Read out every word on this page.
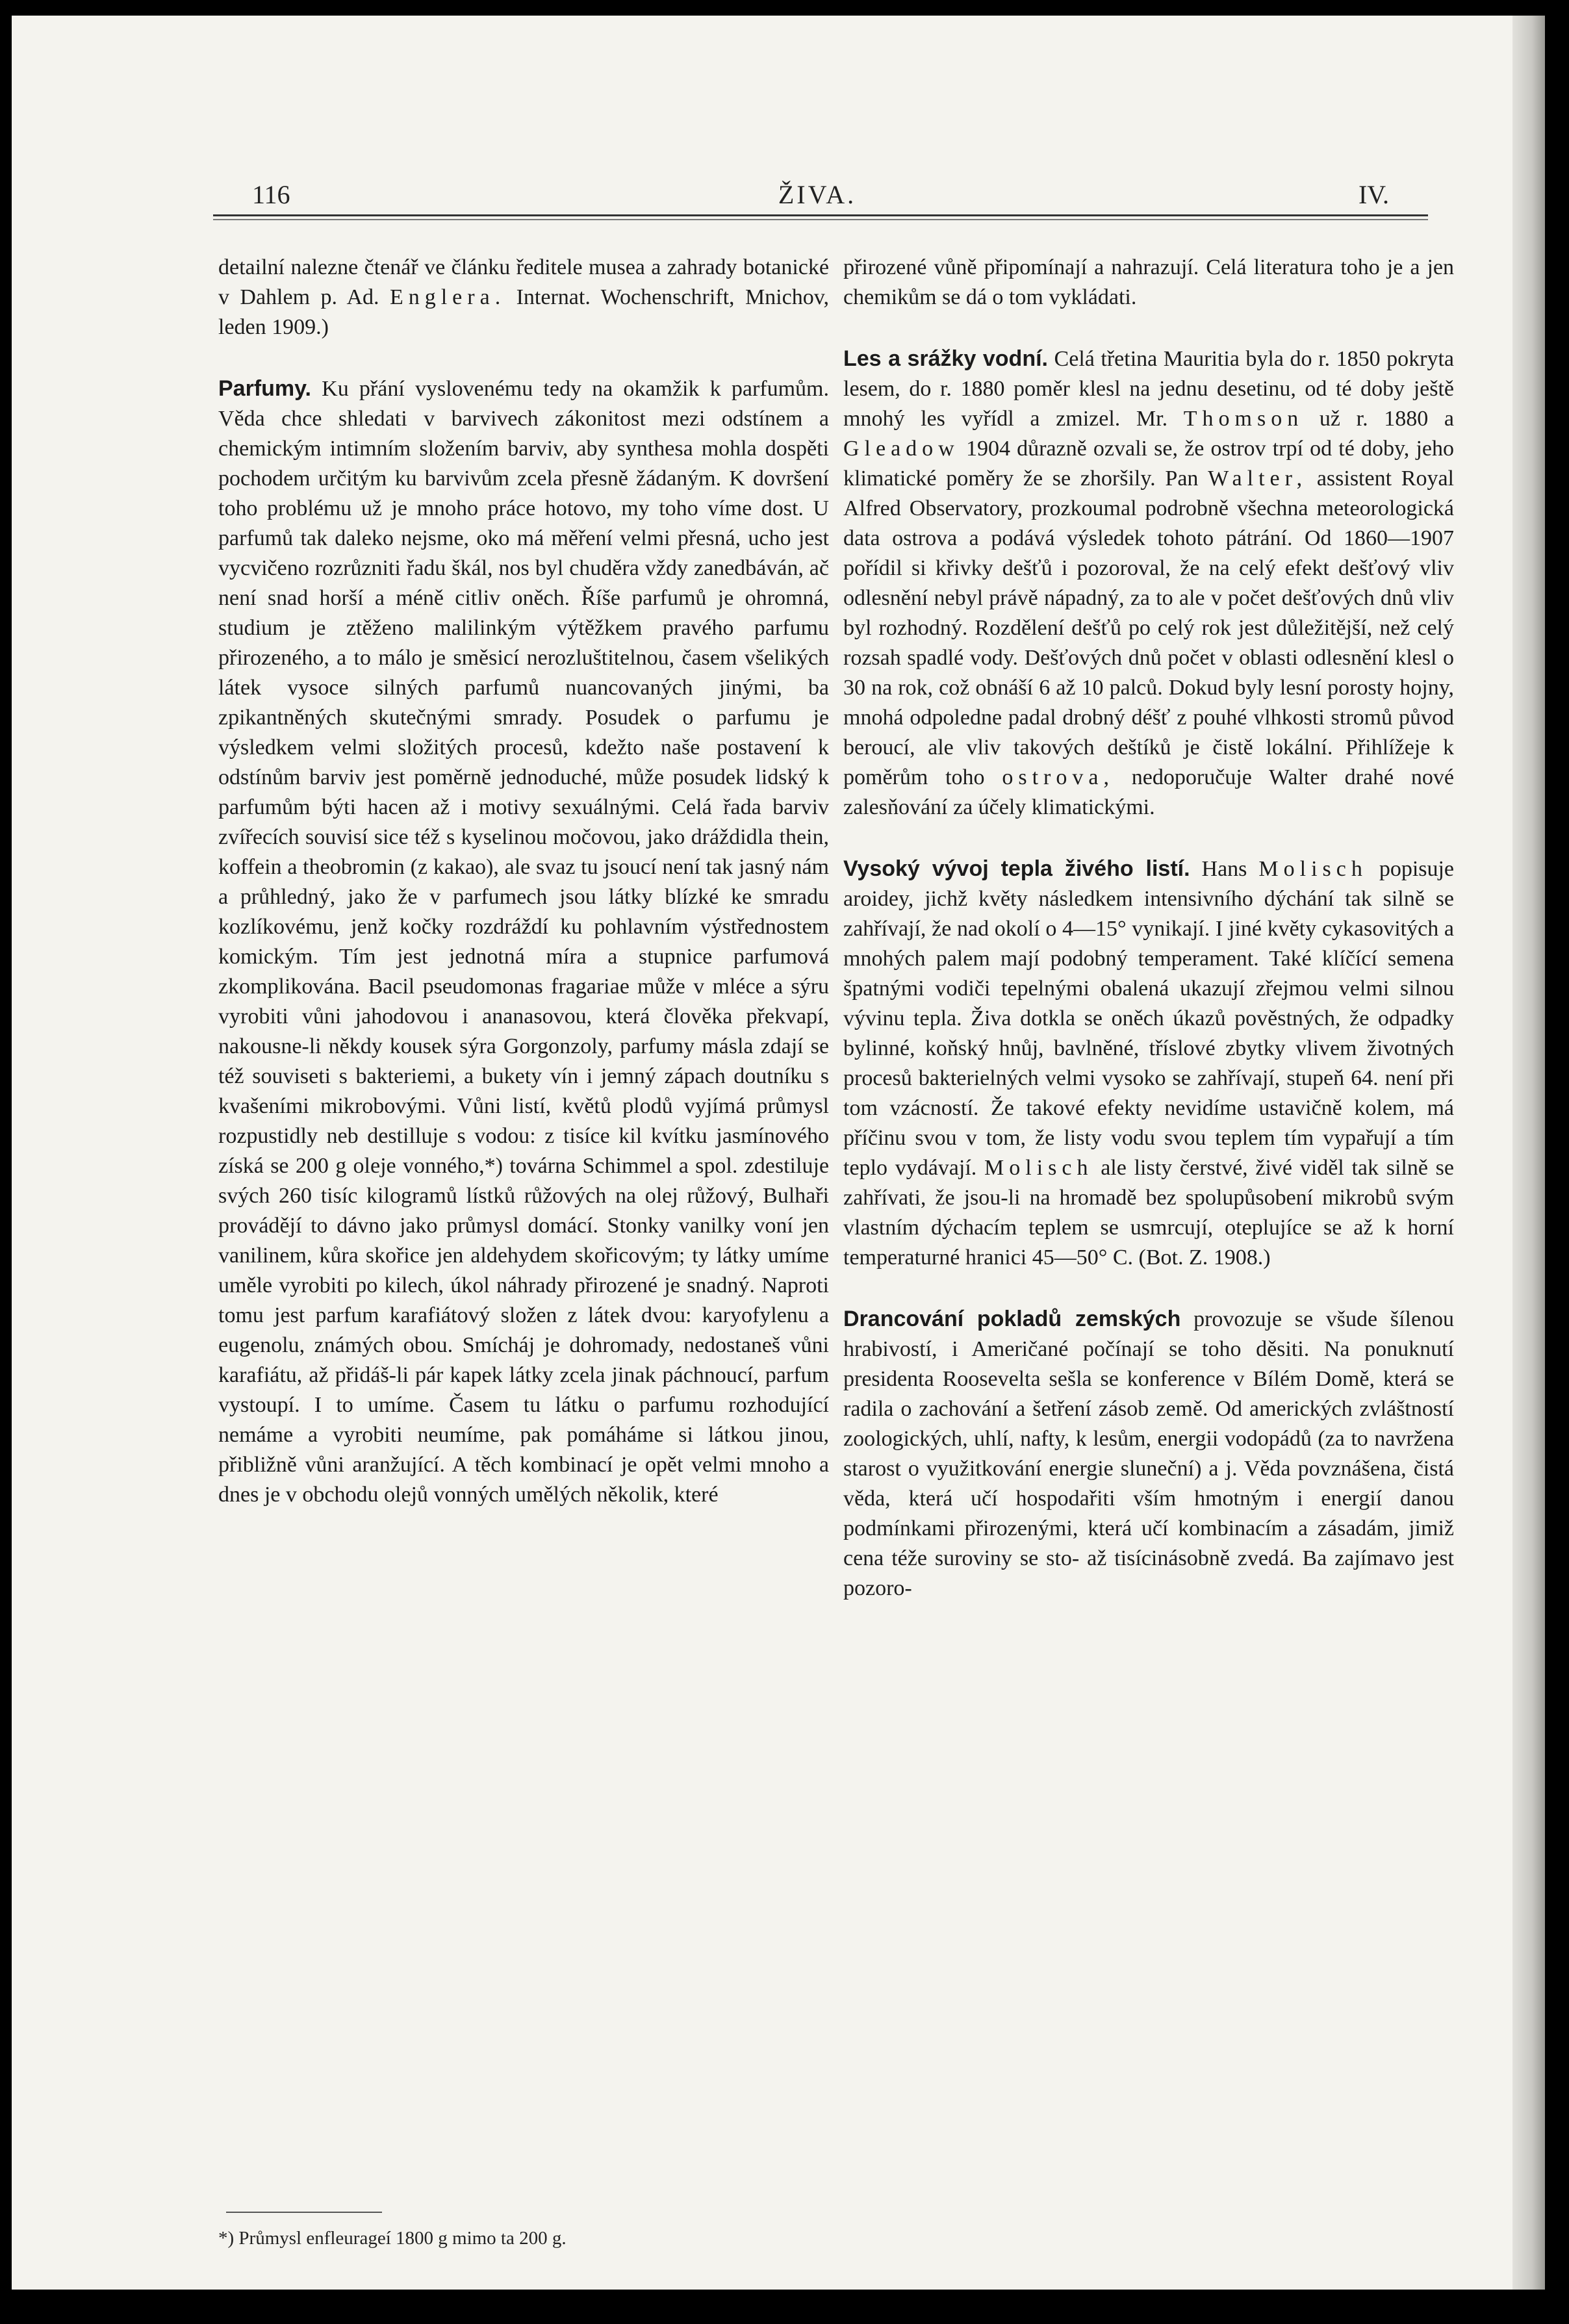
116	ŽIVA.	IV.

detailní nalezne čtenář ve článku ředitele musea a zahrady botanické v Dahlem p. Ad. Englera. Internat. Wochenschrift, Mnichov, leden 1909.)

Parfumy. Ku přání vyslovenému tedy na okamžik k parfumům. Věda chce shledati v barvivech zákonitost mezi odstínem a chemickým intimním složením barviv, aby synthesa mohla dospěti pochodem určitým ku barvivům zcela přesně žádaným. K dovršení toho problému už je mnoho práce hotovo, my toho víme dost. U parfumů tak daleko nejsme, oko má měření velmi přesná, ucho jest vycvičeno rozrůzniti řadu škál, nos byl chuděra vždy zanedbáván, ač není snad horší a méně citliv oněch. Říše parfumů je ohromná, studium je ztěženo malilinkým výtěžkem pravého parfumu přirozeného, a to málo je směsicí nerozluštitelnou, časem všelikých látek vysoce silných parfumů nuancovaných jinými, ba zpikantněných skutečnými smrady. Posudek o parfumu je výsledkem velmi složitých procesů, kdežto naše postavení k odstínům barviv jest poměrně jednoduché, může posudek lidský k parfumům býti hacen až i motivy sexuálnými. Celá řada barviv zvířecích souvisí sice též s kyselinou močovou, jako dráždidla thein, koffein a theobromin (z kakao), ale svaz tu jsoucí není tak jasný nám a průhledný, jako že v parfumech jsou látky blízké ke smradu kozlíkovému, jenž kočky rozdráždí ku pohlavním výstřednostem komickým. Tím jest jednotná míra a stupnice parfumová zkomplikována. Bacil pseudomonas fragariae může v mléce a sýru vyrobiti vůni jahodovou i ananasovou, která člověka překvapí, nakousne-li někdy kousek sýra Gorgonzoly, parfumy másla zdají se též souviseti s bakteriemi, a bukety vín i jemný zápach doutníku s kvašeními mikrobovými. Vůni listí, květů plodů vyjímá průmysl rozpustidly neb destilluje s vodou: z tisíce kil kvítku jasmínového získá se 200 g oleje vonného,*) továrna Schimmel a spol. zdestiluje svých 260 tisíc kilogramů lístků růžových na olej růžový, Bulhaři provádějí to dávno jako průmysl domácí. Stonky vanilky voní jen vanilinem, kůra skořice jen aldehydem skořicovým; ty látky umíme uměle vyrobiti po kilech, úkol náhrady přirozené je snadný. Naproti tomu jest parfum karafiátový složen z látek dvou: karyofylenu a eugenolu, známých obou. Smícháj je dohromady, nedostaneš vůni karafiátu, až přidáš-li pár kapek látky zcela jinak páchnoucí, parfum vystoupí. I to umíme. Časem tu látku o parfumu rozhodující nemáme a vyrobiti neumíme, pak pomáháme si látkou jinou, přibližně vůni aranžující. A těch kombinací je opět velmi mnoho a dnes je v obchodu olejů vonných umělých několik, které

*) Průmysl enfleurageí 1800 g mimo ta 200 g.

přirozené vůně připomínají a nahrazují. Celá literatura toho je a jen chemikům se dá o tom vykládati.

Les a srážky vodní. Celá třetina Mauritia byla do r. 1850 pokryta lesem, do r. 1880 poměr klesl na jednu desetinu, od té doby ještě mnohý les vyřídl a zmizel. Mr. Thomson už r. 1880 a Gleadow 1904 důrazně ozvali se, že ostrov trpí od té doby, jeho klimatické poměry že se zhoršily. Pan Walter, assistent Royal Alfred Observatory, prozkoumal podrobně všechna meteorologická data ostrova a podává výsledek tohoto pátrání. Od 1860—1907 pořídil si křivky dešťů i pozoroval, že na celý efekt dešťový vliv odlesnění nebyl právě nápadný, za to ale v počet dešťových dnů vliv byl rozhodný. Rozdělení dešťů po celý rok jest důležitější, než celý rozsah spadlé vody. Dešťových dnů počet v oblasti odlesnění klesl o 30 na rok, což obnáší 6 až 10 palců. Dokud byly lesní porosty hojny, mnohá odpoledne padal drobný déšť z pouhé vlhkosti stromů původ beroucí, ale vliv takových deštíků je čistě lokální. Přihlížeje k poměrům toho ostrova, nedoporučuje Walter drahé nové zalesňování za účely klimatickými.

Vysoký vývoj tepla živého listí. Hans Molisch popisuje aroidey, jichž květy následkem intensivního dýchání tak silně se zahřívají, že nad okolí o 4—15° vynikají. I jiné květy cykasovitých a mnohých palem mají podobný temperament. Také klíčící semena špatnými vodiči tepelnými obalená ukazují zřejmou velmi silnou vývinu tepla. Živa dotkla se oněch úkazů pověstných, že odpadky bylinné, koňský hnůj, bavlněné, tříslové zbytky vlivem životných procesů bakterielných velmi vysoko se zahřívají, stupeň 64. není při tom vzácností. Že takové efekty nevidíme ustavičně kolem, má příčinu svou v tom, že listy vodu svou teplem tím vypařují a tím teplo vydávají. Molisch ale listy čerstvé, živé viděl tak silně se zahřívati, že jsou-li na hromadě bez spolupůsobení mikrobů svým vlastním dýchacím teplem se usmrcují, oteplujíce se až k horní temperaturné hranici 45—50° C. (Bot. Z. 1908.)

Drancování pokladů zemských provozuje se všude šílenou hrabivostí, i Američané počínají se toho děsiti. Na ponuknutí presidenta Roosevelta sešla se konference v Bílém Domě, která se radila o zachování a šetření zásob země. Od amerických zvláštností zoologických, uhlí, nafty, k lesům, energii vodopádů (za to navržena starost o využitkování energie sluneční) a j. Věda povznášena, čistá věda, která učí hospodařiti vším hmotným i energií danou podmínkami přirozenými, která učí kombinacím a zásadám, jimiž cena téže suroviny se sto- až tisícinásobně zvedá. Ba zajímavo jest pozoro-
